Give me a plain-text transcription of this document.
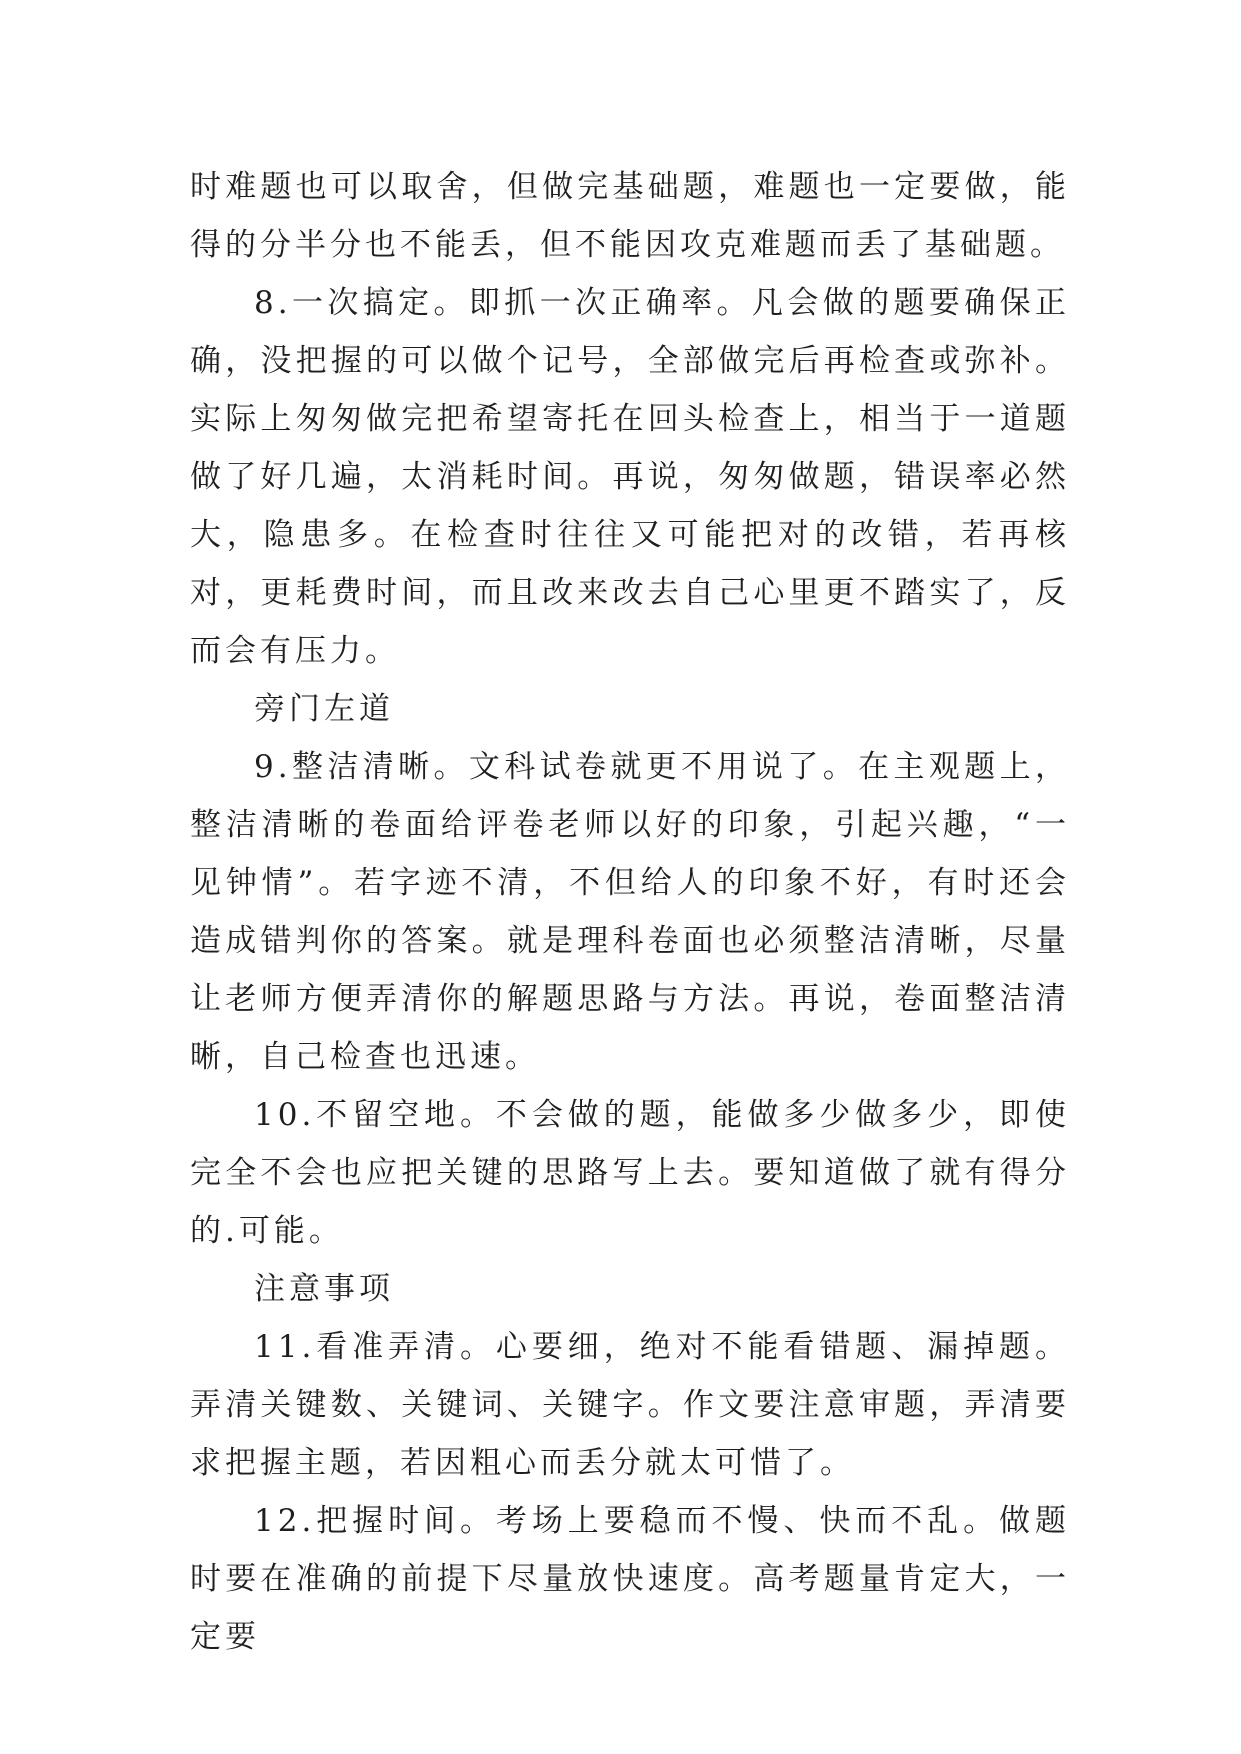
时难题也可以取舍，但做完基础题，难题也一定要做，能得的分半分也不能丢，但不能因攻克难题而丢了基础题。

8.一次搞定。即抓一次正确率。凡会做的题要确保正确，没把握的可以做个记号，全部做完后再检查或弥补。实际上匆匆做完把希望寄托在回头检查上，相当于一道题做了好几遍，太消耗时间。再说，匆匆做题，错误率必然大，隐患多。在检查时往往又可能把对的改错，若再核对，更耗费时间，而且改来改去自己心里更不踏实了，反而会有压力。

旁门左道

9.整洁清晰。文科试卷就更不用说了。在主观题上，整洁清晰的卷面给评卷老师以好的印象，引起兴趣，“一见钟情”。若字迹不清，不但给人的印象不好，有时还会造成错判你的答案。就是理科卷面也必须整洁清晰，尽量让老师方便弄清你的解题思路与方法。再说，卷面整洁清晰，自己检查也迅速。

10.不留空地。不会做的题，能做多少做多少，即使完全不会也应把关键的思路写上去。要知道做了就有得分的.可能。

注意事项

11.看准弄清。心要细，绝对不能看错题、漏掉题。弄清关键数、关键词、关键字。作文要注意审题，弄清要求把握主题，若因粗心而丢分就太可惜了。

12.把握时间。考场上要稳而不慢、快而不乱。做题时要在准确的前提下尽量放快速度。高考题量肯定大，一定要
